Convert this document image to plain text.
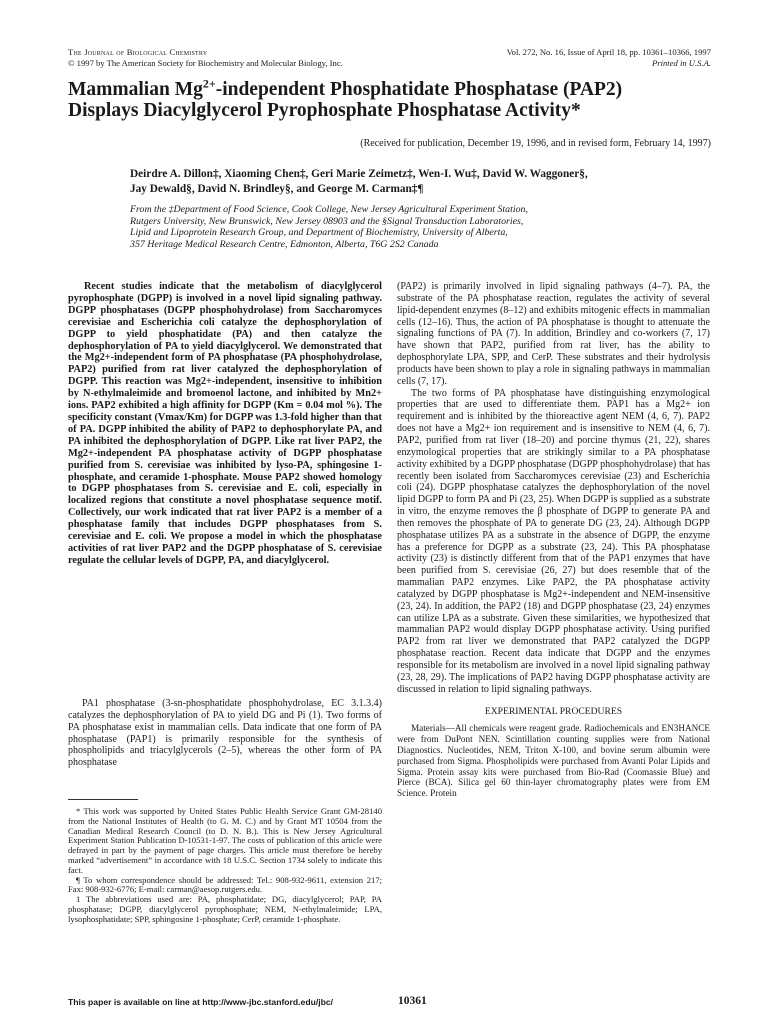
The Journal of Biological Chemistry
© 1997 by The American Society for Biochemistry and Molecular Biology, Inc.
Vol. 272, No. 16, Issue of April 18, pp. 10361–10366, 1997
Printed in U.S.A.
Mammalian $Mg^{2+}$-independent Phosphatidate Phosphatase (PAP2)
Displays Diacylglycerol Pyrophosphate Phosphatase Activity*
(Received for publication, December 19, 1996, and in revised form, February 14, 1997)
Deirdre A. Dillon‡, Xiaoming Chen‡, Geri Marie Zeimetz‡, Wen-I. Wu‡, David W. Waggoner§,
Jay Dewald§, David N. Brindley§, and George M. Carman‡¶
From the ‡Department of Food Science, Cook College, New Jersey Agricultural Experiment Station,
Rutgers University, New Brunswick, New Jersey 08903 and the §Signal Transduction Laboratories,
Lipid and Lipoprotein Research Group, and Department of Biochemistry, University of Alberta,
357 Heritage Medical Research Centre, Edmonton, Alberta, T6G 2S2 Canada

Recent studies indicate that the metabolism of diacylglycerol pyrophosphate (DGPP) is involved in a novel lipid signaling pathway. DGPP phosphatases (DGPP phosphohydrolase) from Saccharomyces cerevisiae and Escherichia coli catalyze the dephosphorylation of DGPP to yield phosphatidate (PA) and then catalyze the dephosphorylation of PA to yield diacylglycerol. We demonstrated that the Mg2+-independent form of PA phosphatase (PA phosphohydrolase, PAP2) purified from rat liver catalyzed the dephosphorylation of DGPP. This reaction was Mg2+-independent, insensitive to inhibition by N-ethylmaleimide and bromoenol lactone, and inhibited by Mn2+ ions. PAP2 exhibited a high affinity for DGPP (Km = 0.04 mol %). The specificity constant (Vmax/Km) for DGPP was 1.3-fold higher than that of PA. DGPP inhibited the ability of PAP2 to dephosphorylate PA, and PA inhibited the dephosphorylation of DGPP. Like rat liver PAP2, the Mg2+-independent PA phosphatase activity of DGPP phosphatase purified from S. cerevisiae was inhibited by lyso-PA, sphingosine 1-phosphate, and ceramide 1-phosphate. Mouse PAP2 showed homology to DGPP phosphatases from S. cerevisiae and E. coli, especially in localized regions that constitute a novel phosphatase sequence motif. Collectively, our work indicated that rat liver PAP2 is a member of a phosphatase family that includes DGPP phosphatases from S. cerevisiae and E. coli. We propose a model in which the phosphatase activities of rat liver PAP2 and the DGPP phosphatase of S. cerevisiae regulate the cellular levels of DGPP, PA, and diacylglycerol.

PA1 phosphatase (3-sn-phosphatidate phosphohydrolase, EC 3.1.3.4) catalyzes the dephosphorylation of PA to yield DG and Pi (1). Two forms of PA phosphatase exist in mammalian cells. Data indicate that one form of PA phosphatase (PAP1) is primarily responsible for the synthesis of phospholipids and triacylglycerols (2–5), whereas the other form of PA phosphatase

* This work was supported by United States Public Health Service Grant GM-28140 from the National Institutes of Health (to G. M. C.) and by Grant MT 10504 from the Canadian Medical Research Council (to D. N. B.). This is New Jersey Agricultural Experiment Station Publication D-10531-1-97. The costs of publication of this article were defrayed in part by the payment of page charges. This article must therefore be hereby marked “advertisement” in accordance with 18 U.S.C. Section 1734 solely to indicate this fact.

¶ To whom correspondence should be addressed: Tel.: 908-932-9611, extension 217; Fax: 908-932-6776; E-mail: carman@aesop.rutgers.edu.

1 The abbreviations used are: PA, phosphatidate; DG, diacylglycerol; PAP, PA phosphatase; DGPP, diacylglycerol pyrophosphate; NEM, N-ethylmaleimide; LPA, lysophosphatidate; SPP, sphingosine 1-phosphate; CerP, ceramide 1-phosphate.

(PAP2) is primarily involved in lipid signaling pathways (4–7). PA, the substrate of the PA phosphatase reaction, regulates the activity of several lipid-dependent enzymes (8–12) and exhibits mitogenic effects in mammalian cells (12–16). Thus, the action of PA phosphatase is thought to attenuate the signaling functions of PA (7). In addition, Brindley and co-workers (7, 17) have shown that PAP2, purified from rat liver, has the ability to dephosphorylate LPA, SPP, and CerP. These substrates and their hydrolysis products have been shown to play a role in signaling pathways in mammalian cells (7, 17).

The two forms of PA phosphatase have distinguishing enzymological properties that are used to differentiate them. PAP1 has a Mg2+ ion requirement and is inhibited by the thioreactive agent NEM (4, 6, 7). PAP2 does not have a Mg2+ ion requirement and is insensitive to NEM (4, 6, 7). PAP2, purified from rat liver (18–20) and porcine thymus (21, 22), shares enzymological properties that are strikingly similar to a PA phosphatase activity exhibited by a DGPP phosphatase (DGPP phosphohydrolase) that has recently been isolated from Saccharomyces cerevisiae (23) and Escherichia coli (24). DGPP phosphatase catalyzes the dephosphorylation of the novel lipid DGPP to form PA and Pi (23, 25). When DGPP is supplied as a substrate in vitro, the enzyme removes the β phosphate of DGPP to generate PA and then removes the phosphate of PA to generate DG (23, 24). Although DGPP phosphatase utilizes PA as a substrate in the absence of DGPP, the enzyme has a preference for DGPP as a substrate (23, 24). This PA phosphatase activity (23) is distinctly different from that of the PAP1 enzymes that have been purified from S. cerevisiae (26, 27) but does resemble that of the mammalian PAP2 enzymes. Like PAP2, the PA phosphatase activity catalyzed by DGPP phosphatase is Mg2+-independent and NEM-insensitive (23, 24). In addition, the PAP2 (18) and DGPP phosphatase (23, 24) enzymes can utilize LPA as a substrate. Given these similarities, we hypothesized that mammalian PAP2 would display DGPP phosphatase activity. Using purified PAP2 from rat liver we demonstrated that PAP2 catalyzed the DGPP phosphatase reaction. Recent data indicate that DGPP and the enzymes responsible for its metabolism are involved in a novel lipid signaling pathway (23, 28, 29). The implications of PAP2 having DGPP phosphatase activity are discussed in relation to lipid signaling pathways.

EXPERIMENTAL PROCEDURES

Materials—All chemicals were reagent grade. Radiochemicals and EN3HANCE were from DuPont NEN. Scintillation counting supplies were from National Diagnostics. Nucleotides, NEM, Triton X-100, and bovine serum albumin were purchased from Sigma. Phospholipids were purchased from Avanti Polar Lipids and Sigma. Protein assay kits were purchased from Bio-Rad (Coomassie Blue) and Pierce (BCA). Silica gel 60 thin-layer chromatography plates were from EM Science. Protein

This paper is available on line at http://www-jbc.stanford.edu/jbc/	10361
